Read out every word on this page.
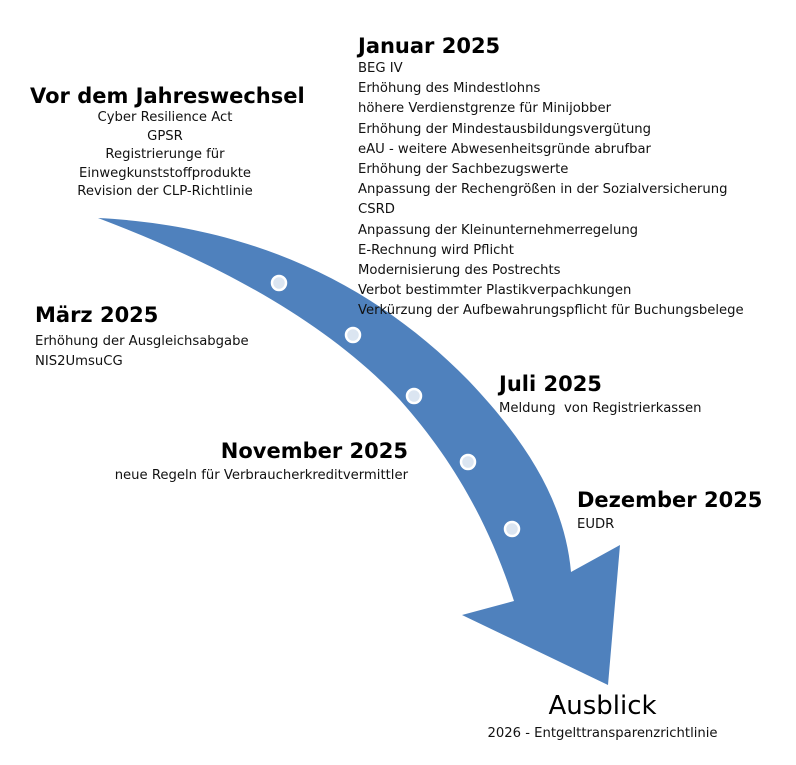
Vor dem Jahreswechsel
Cyber Resilience Act
GPSR
Registrierunge für
Einwegkunststoffprodukte
Revision der CLP-Richtlinie
Januar 2025
BEG IV
Erhöhung des Mindestlohns
höhere Verdienstgrenze für Minijobber
Erhöhung der Mindestausbildungsvergütung
eAU - weitere Abwesenheitsgründe abrufbar
Erhöhung der Sachbezugswerte
Anpassung der Rechengrößen in der Sozialversicherung
CSRD
Anpassung der Kleinunternehmerregelung
E-Rechnung wird Pflicht
Modernisierung des Postrechts
Verbot bestimmter Plastikverpachkungen
Verkürzung der Aufbewahrungspflicht für Buchungsbelege
März 2025
Erhöhung der Ausgleichsabgabe
NIS2UmsuCG
Juli 2025
Meldung  von Registrierkassen
November 2025
neue Regeln für Verbraucherkreditvermittler
Dezember 2025
EUDR
Ausblick
2026 - Entgelttransparenzrichtlinie
